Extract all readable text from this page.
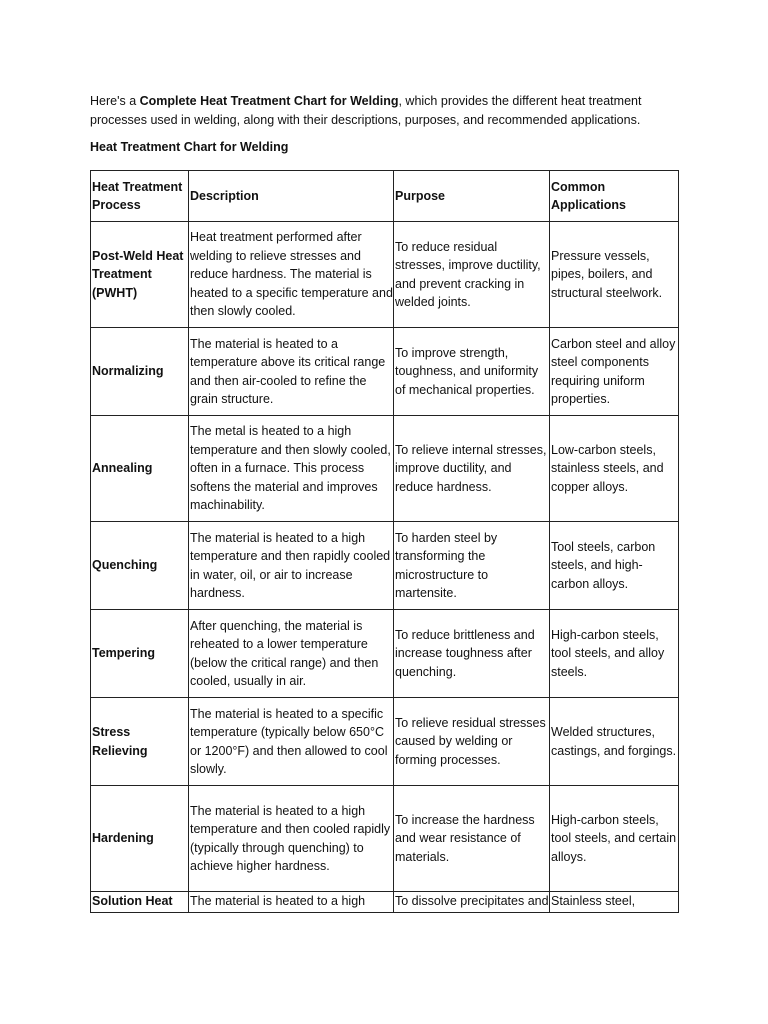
Here's a Complete Heat Treatment Chart for Welding, which provides the different heat treatment processes used in welding, along with their descriptions, purposes, and recommended applications.

Heat Treatment Chart for Welding

Heat Treatment Process	Description	Purpose	Common Applications
Post-Weld Heat Treatment (PWHT)	Heat treatment performed after welding to relieve stresses and reduce hardness. The material is heated to a specific temperature and then slowly cooled.	To reduce residual stresses, improve ductility, and prevent cracking in welded joints.	Pressure vessels, pipes, boilers, and structural steelwork.
Normalizing	The material is heated to a temperature above its critical range and then air-cooled to refine the grain structure.	To improve strength, toughness, and uniformity of mechanical properties.	Carbon steel and alloy steel components requiring uniform properties.
Annealing	The metal is heated to a high temperature and then slowly cooled, often in a furnace. This process softens the material and improves machinability.	To relieve internal stresses, improve ductility, and reduce hardness.	Low-carbon steels, stainless steels, and copper alloys.
Quenching	The material is heated to a high temperature and then rapidly cooled in water, oil, or air to increase hardness.	To harden steel by transforming the microstructure to martensite.	Tool steels, carbon steels, and high-carbon alloys.
Tempering	After quenching, the material is reheated to a lower temperature (below the critical range) and then cooled, usually in air.	To reduce brittleness and increase toughness after quenching.	High-carbon steels, tool steels, and alloy steels.
Stress Relieving	The material is heated to a specific temperature (typically below 650°C or 1200°F) and then allowed to cool slowly.	To relieve residual stresses caused by welding or forming processes.	Welded structures, castings, and forgings.
Hardening	The material is heated to a high temperature and then cooled rapidly (typically through quenching) to achieve higher hardness.	To increase the hardness and wear resistance of materials.	High-carbon steels, tool steels, and certain alloys.
Solution Heat	The material is heated to a high	To dissolve precipitates and	Stainless steel,
